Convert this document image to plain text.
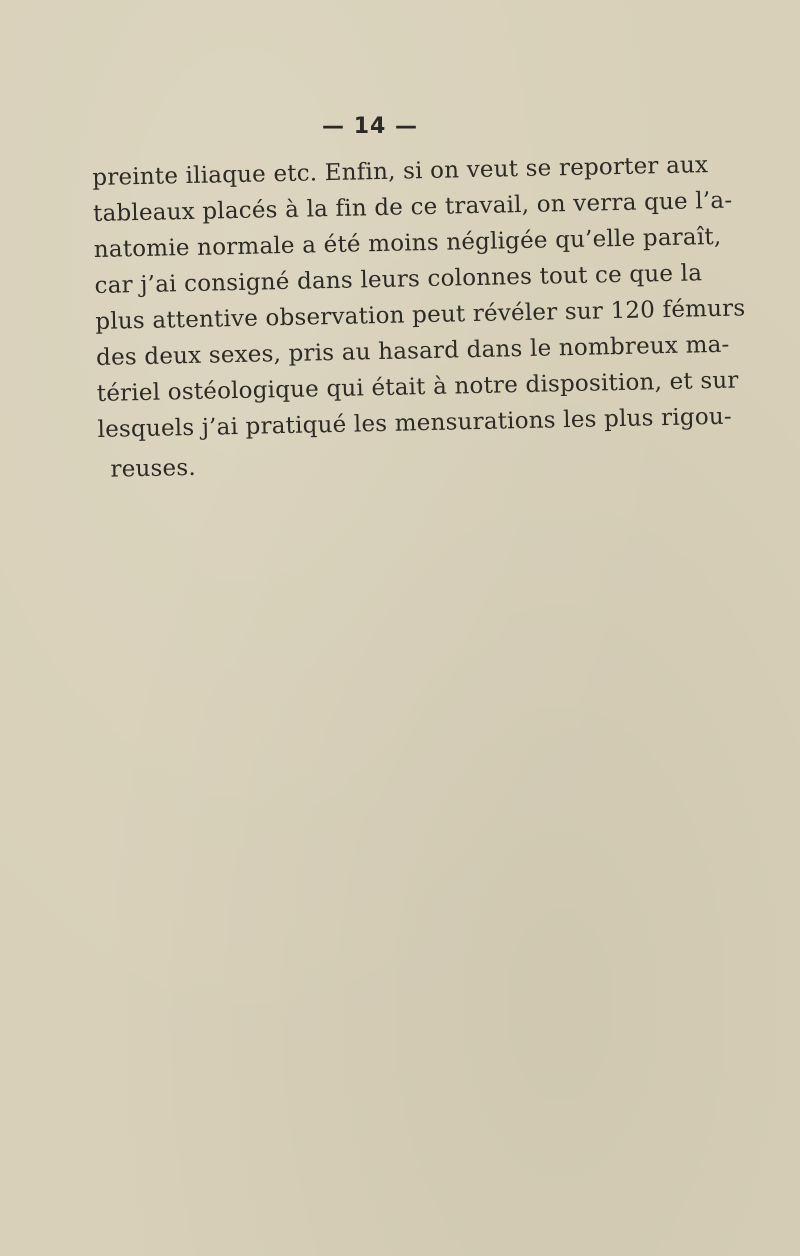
— 14 —
preinte iliaque etc. Enfin, si on veut se reporter aux
tableaux placés à la fin de ce travail, on verra que l’a-
natomie normale a été moins négligée qu’elle paraît,
car j’ai consigné dans leurs colonnes tout ce que la
plus attentive observation peut révéler sur 120 fémurs
des deux sexes, pris au hasard dans le nombreux ma-
tériel ostéologique qui était à notre disposition, et sur
lesquels j’ai pratiqué les mensurations les plus rigou-
reuses.
